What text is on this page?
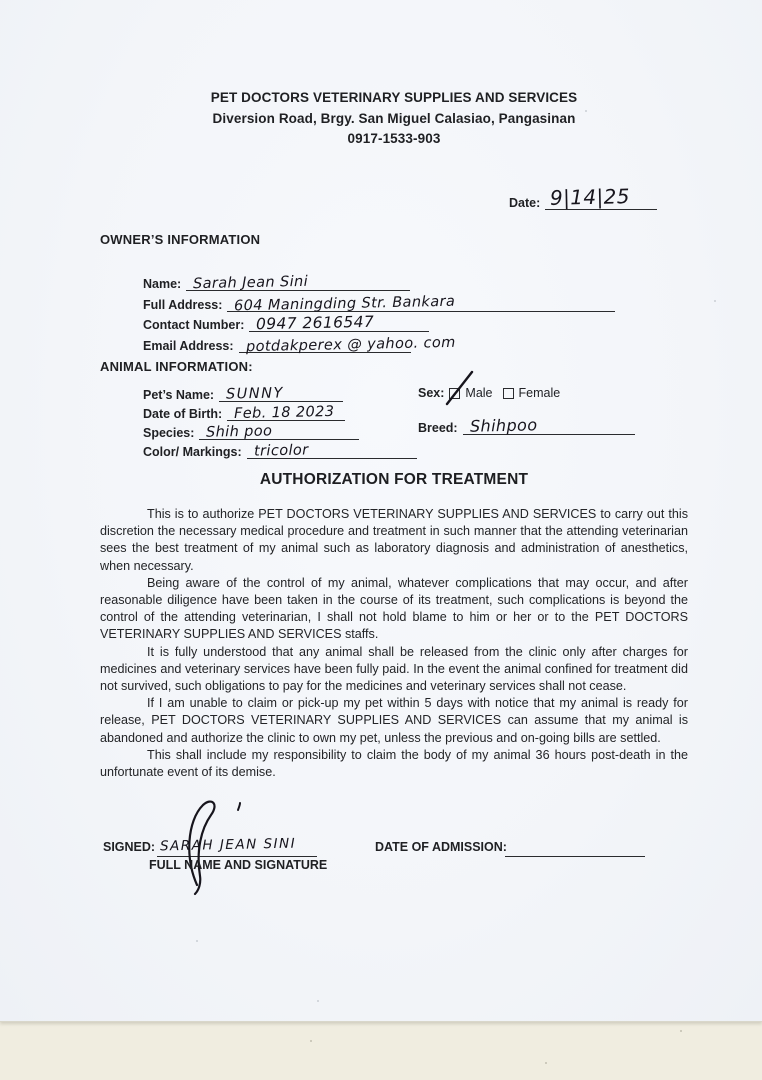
PET DOCTORS VETERINARY SUPPLIES AND SERVICES
Diversion Road, Brgy. San Miguel Calasiao, Pangasinan
0917-1533-903
Date: 9|14|25
OWNER’S INFORMATION
Name: Sarah Jean Sini
Full Address: 604 Maningding Str. Bankara
Contact Number: 0947 2616547
Email Address: potdakperex @ yahoo. com
ANIMAL INFORMATION:
Pet’s Name: SUNNY
Date of Birth: Feb. 18 2023
Species: Shih poo
Color/ Markings: tricolor
Sex: Male Female
Breed: Shihpoo
AUTHORIZATION FOR TREATMENT

This is to authorize PET DOCTORS VETERINARY SUPPLIES AND SERVICES to carry out this discretion the necessary medical procedure and treatment in such manner that the attending veterinarian sees the best treatment of my animal such as laboratory diagnosis and administration of anesthetics, when necessary.

Being aware of the control of my animal, whatever complications that may occur, and after reasonable diligence have been taken in the course of its treatment, such complications is beyond the control of the attending veterinarian, I shall not hold blame to him or her or to the PET DOCTORS VETERINARY SUPPLIES AND SERVICES staffs.

It is fully understood that any animal shall be released from the clinic only after charges for medicines and veterinary services have been fully paid. In the event the animal confined for treatment did not survived, such obligations to pay for the medicines and veterinary services shall not cease.

If I am unable to claim or pick-up my pet within 5 days with notice that my animal is ready for release, PET DOCTORS VETERINARY SUPPLIES AND SERVICES can assume that my animal is abandoned and authorize the clinic to own my pet, unless the previous and on-going bills are settled.

This shall include my responsibility to claim the body of my animal 36 hours post-death in the unfortunate event of its demise.

SIGNED: SARAH JEAN SINI
FULL NAME AND SIGNATURE
DATE OF ADMISSION:
